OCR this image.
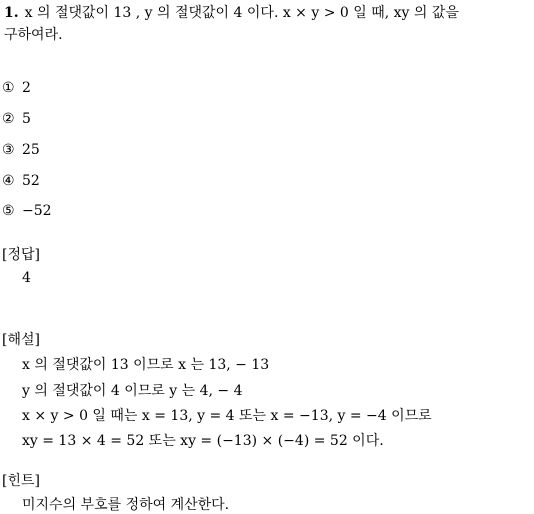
1. x 의 절댓값이 13 , y 의 절댓값이 4 이다. x × y > 0 일 때, xy 의 값을
구하여라.
① 2
② 5
③ 25
④ 52
⑤ −52
[정답]
4
[해설]
x 의 절댓값이 13 이므로 x 는 13, − 13
y 의 절댓값이 4 이므로 y 는 4, − 4
x × y > 0 일 때는 x = 13, y = 4 또는 x = −13, y = −4 이므로
xy = 13 × 4 = 52 또는 xy = (−13) × (−4) = 52 이다.
[힌트]
미지수의 부호를 정하여 계산한다.
